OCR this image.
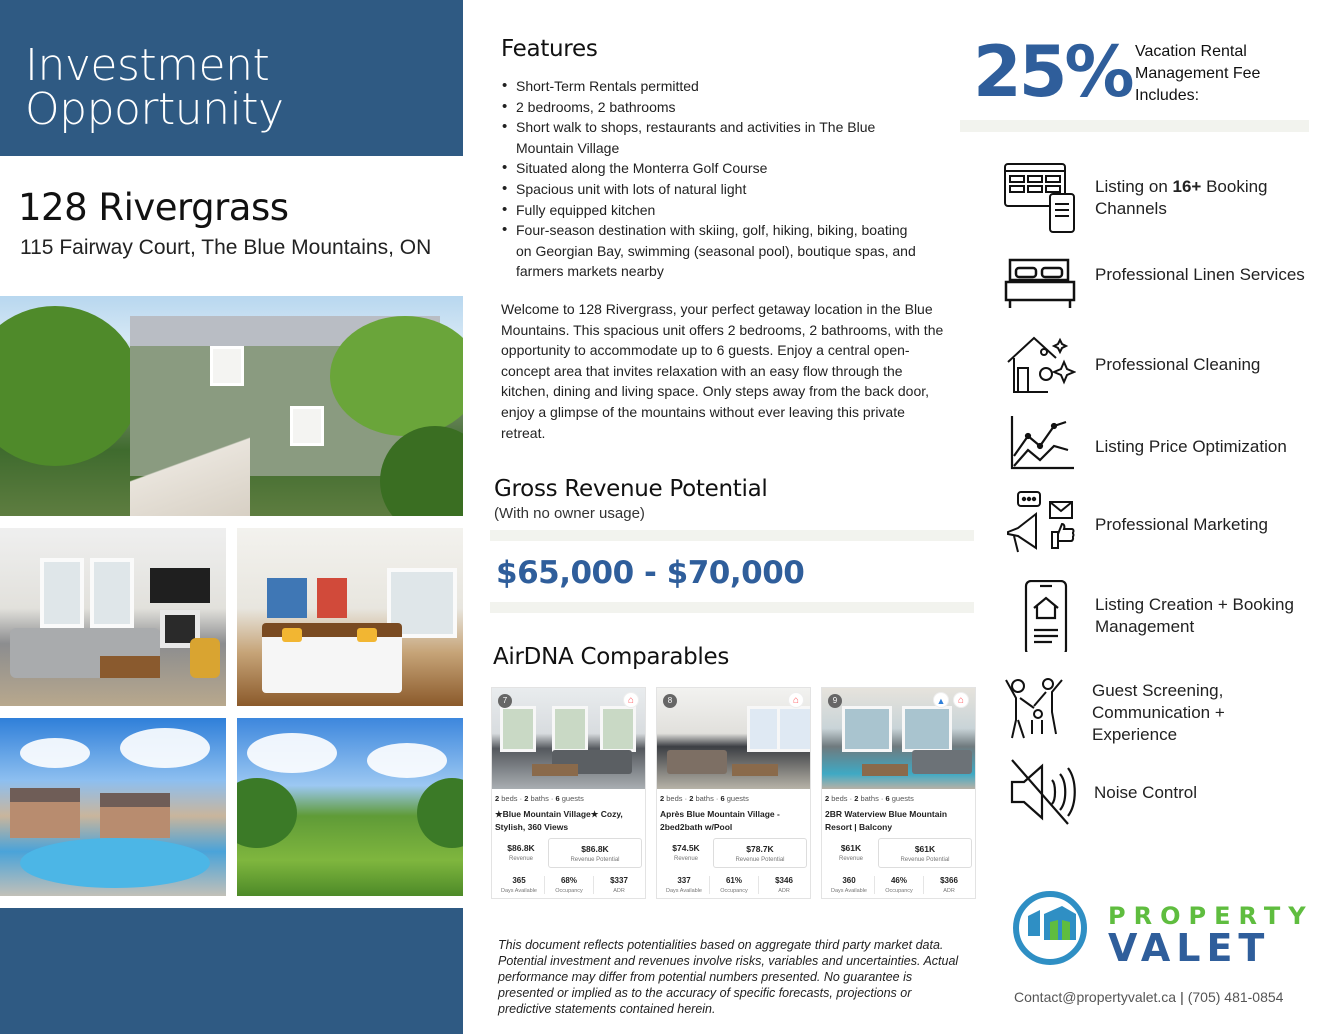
Investment
Opportunity
128 Rivergrass
115 Fairway Court, The Blue Mountains, ON
Features
• Short-Term Rentals permitted
• 2 bedrooms, 2 bathrooms
• Short walk to shops, restaurants and activities in The Blue Mountain Village
• Situated along the Monterra Golf Course
• Spacious unit with lots of natural light
• Fully equipped kitchen
• Four-season destination with skiing, golf, hiking, biking, boating on Georgian Bay, swimming (seasonal pool), boutique spas, and farmers markets nearby
Welcome to 128 Rivergrass, your perfect getaway location in the Blue Mountains. This spacious unit offers 2 bedrooms, 2 bathrooms, with the opportunity to accommodate up to 6 guests. Enjoy a central open-concept area that invites relaxation with an easy flow through the kitchen, dining and living space. Only steps away from the back door, enjoy a glimpse of the mountains without ever leaving this private retreat.
Gross Revenue Potential
(With no owner usage)
$65,000 - $70,000
AirDNA Comparables
7	⌂
2 beds · 2 baths · 6 guests
★Blue Mountain Village★ Cozy, Stylish, 360 Views
$86.8K
Revenue
$86.8K
Revenue Potential
365
Days Available
68%
Occupancy
$337
ADR
8	⌂
2 beds · 2 baths · 6 guests
Après Blue Mountain Village - 2bed2bath w/Pool
$74.5K
Revenue
$78.7K
Revenue Potential
337
Days Available
61%
Occupancy
$346
ADR
9	▲	⌂
2 beds · 2 baths · 6 guests
2BR Waterview Blue Mountain Resort | Balcony
$61K
Revenue
$61K
Revenue Potential
360
Days Available
46%
Occupancy
$366
ADR
This document reflects potentialities based on aggregate third party market data. Potential investment and revenues involve risks, variables and uncertainties. Actual performance may differ from potential numbers presented. No guarantee is presented or implied as to the accuracy of specific forecasts, projections or predictive statements contained herein.
25% Vacation Rental
Management Fee
Includes:
Listing on 16+ Booking Channels
Professional Linen Services
Professional Cleaning
Listing Price Optimization
Professional Marketing
Listing Creation + Booking Management
Guest Screening, Communication + Experience
Noise Control
PROPERTY
VALET
Contact@propertyvalet.ca | (705) 481-0854
